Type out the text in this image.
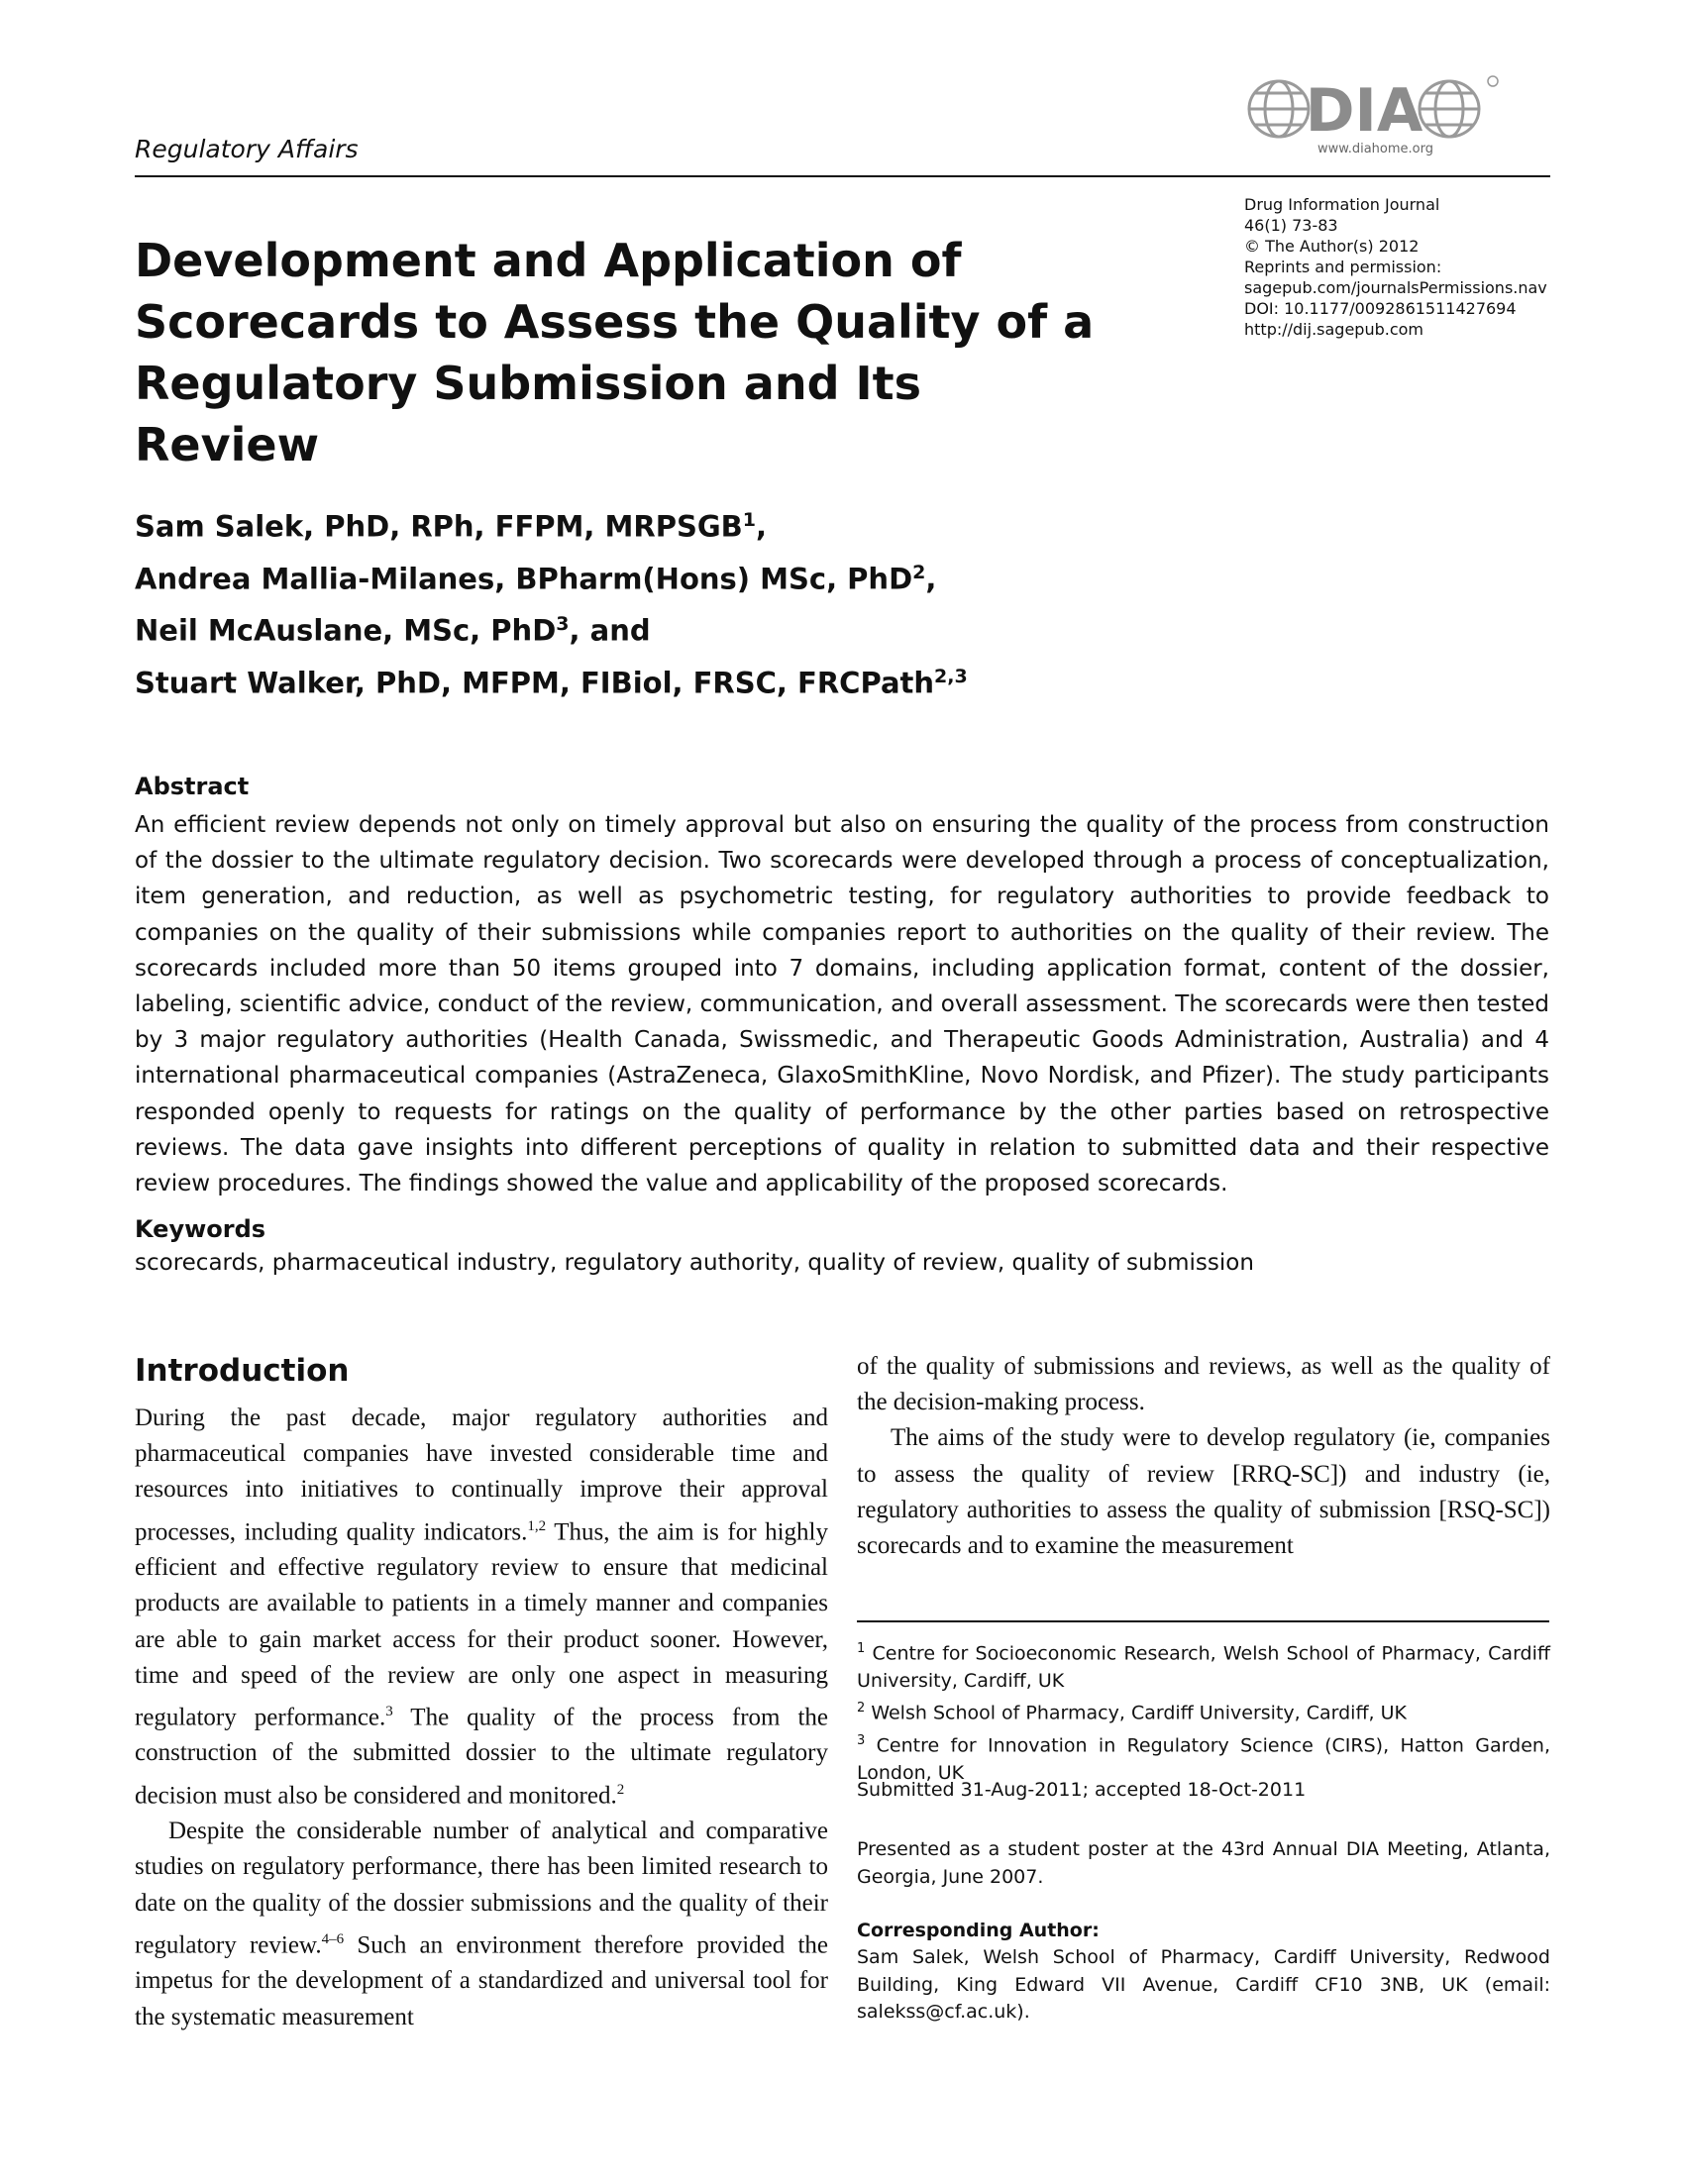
Regulatory Affairs
DIA
www.diahome.org
Drug Information Journal
46(1) 73-83
© The Author(s) 2012
Reprints and permission:
sagepub.com/journalsPermissions.nav
DOI: 10.1177/0092861511427694
http://dij.sagepub.com
Development and Application of Scorecards to Assess the Quality of a Regulatory Submission and Its Review
Sam Salek, PhD, RPh, FFPM, MRPSGB$^1$,
Andrea Mallia-Milanes, BPharm(Hons) MSc, PhD$^2$,
Neil McAuslane, MSc, PhD$^3$, and
Stuart Walker, PhD, MFPM, FIBiol, FRSC, FRCPath$^{2,3}$
Abstract
An efficient review depends not only on timely approval but also on ensuring the quality of the process from construction of the dossier to the ultimate regulatory decision. Two scorecards were developed through a process of conceptualization, item generation, and reduction, as well as psychometric testing, for regulatory authorities to provide feedback to companies on the quality of their submissions while companies report to authorities on the quality of their review. The scorecards included more than 50 items grouped into 7 domains, including application format, content of the dossier, labeling, scientific advice, conduct of the review, communication, and overall assessment. The scorecards were then tested by 3 major regulatory authorities (Health Canada, Swissmedic, and Therapeutic Goods Administration, Australia) and 4 international pharmaceutical companies (AstraZeneca, GlaxoSmithKline, Novo Nordisk, and Pfizer). The study participants responded openly to requests for ratings on the quality of performance by the other parties based on retrospective reviews. The data gave insights into different perceptions of quality in relation to submitted data and their respective review procedures. The findings showed the value and applicability of the proposed scorecards.
Keywords
scorecards, pharmaceutical industry, regulatory authority, quality of review, quality of submission
Introduction

During the past decade, major regulatory authorities and pharmaceutical companies have invested considerable time and resources into initiatives to continually improve their approval processes, including quality indicators.$^{1,2}$ Thus, the aim is for highly efficient and effective regulatory review to ensure that medicinal products are available to patients in a timely manner and companies are able to gain market access for their product sooner. However, time and speed of the review are only one aspect in measuring regulatory performance.$^3$ The quality of the process from the construction of the submitted dossier to the ultimate regulatory decision must also be considered and monitored.$^2$

Despite the considerable number of analytical and comparative studies on regulatory performance, there has been limited research to date on the quality of the dossier submissions and the quality of their regulatory review.$^{4-6}$ Such an environment therefore provided the impetus for the development of a standardized and universal tool for the systematic measurement

of the quality of submissions and reviews, as well as the quality of the decision-making process.

The aims of the study were to develop regulatory (ie, companies to assess the quality of review [RRQ-SC]) and industry (ie, regulatory authorities to assess the quality of submission [RSQ-SC]) scorecards and to examine the measurement

$^1$ Centre for Socioeconomic Research, Welsh School of Pharmacy, Cardiff University, Cardiff, UK
$^2$ Welsh School of Pharmacy, Cardiff University, Cardiff, UK
$^3$ Centre for Innovation in Regulatory Science (CIRS), Hatton Garden, London, UK
Submitted 31-Aug-2011; accepted 18-Oct-2011
Presented as a student poster at the 43rd Annual DIA Meeting, Atlanta, Georgia, June 2007.
Corresponding Author:
Sam Salek, Welsh School of Pharmacy, Cardiff University, Redwood Building, King Edward VII Avenue, Cardiff CF10 3NB, UK (email: salekss@cf.ac.uk).
